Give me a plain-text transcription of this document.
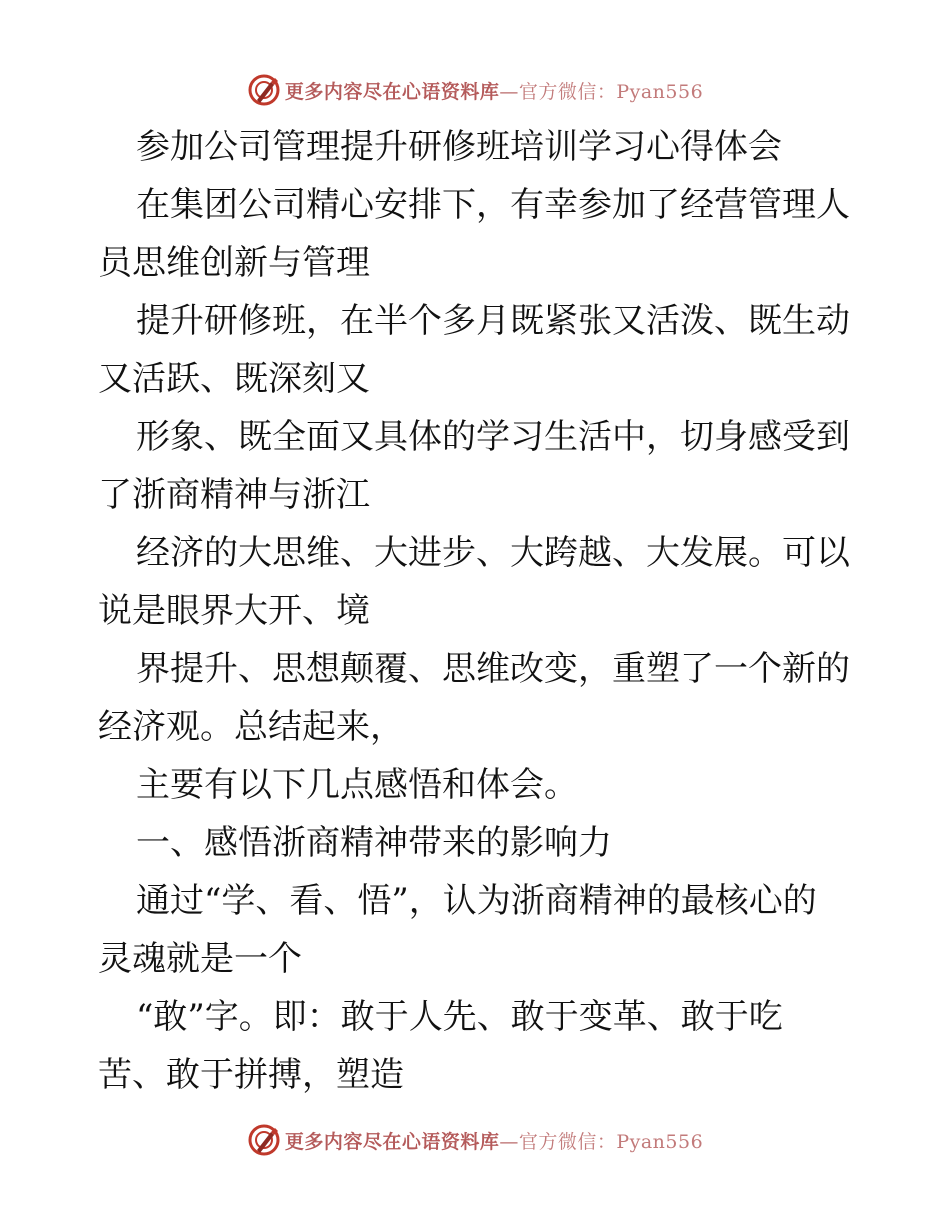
更多内容尽在心语资料库—官方微信：Pyan556
参加公司管理提升研修班培训学习心得体会
在集团公司精心安排下，有幸参加了经营管理人
员思维创新与管理
提升研修班，在半个多月既紧张又活泼、既生动
又活跃、既深刻又
形象、既全面又具体的学习生活中，切身感受到
了浙商精神与浙江
经济的大思维、大进步、大跨越、大发展。可以
说是眼界大开、境
界提升、思想颠覆、思维改变，重塑了一个新的
经济观。总结起来，
主要有以下几点感悟和体会。
一、感悟浙商精神带来的影响力
通过“学、看、悟”，认为浙商精神的最核心的
灵魂就是一个
“敢”字。即：敢于人先、敢于变革、敢于吃
苦、敢于拼搏，塑造
更多内容尽在心语资料库—官方微信：Pyan556
